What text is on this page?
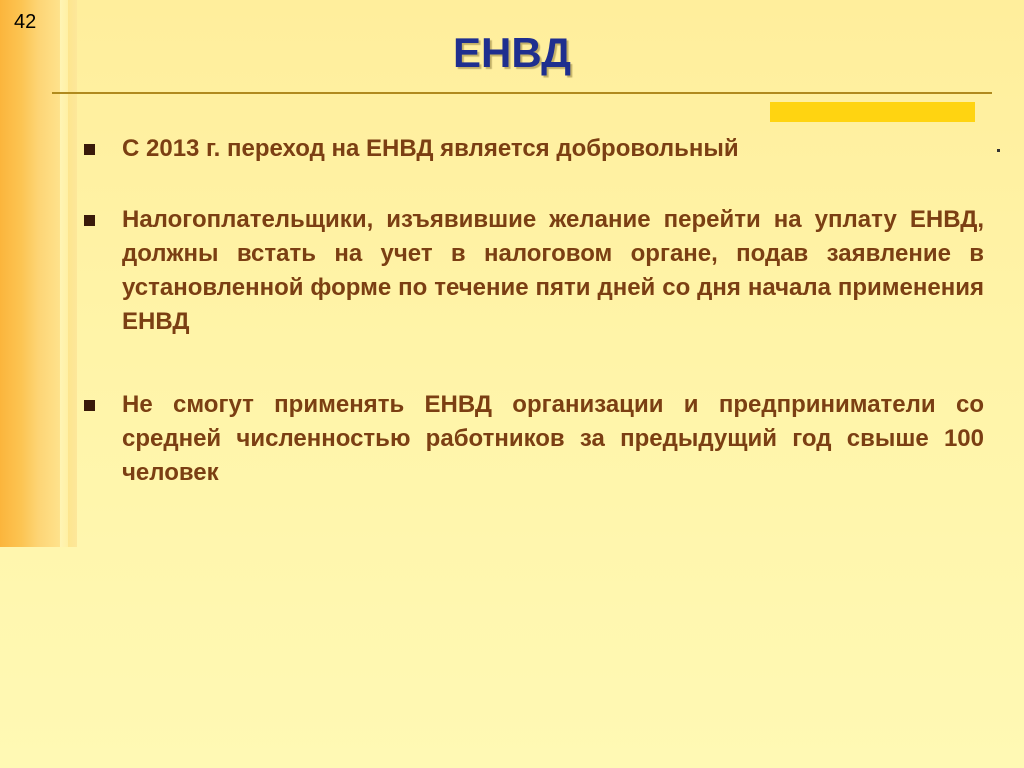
42
ЕНВД
С 2013 г. переход на ЕНВД является добровольный
Налогоплательщики, изъявившие желание перейти на уплату ЕНВД, должны встать на учет в налоговом органе, подав заявление в установленной форме по течение пяти дней со дня начала применения ЕНВД
Не смогут применять ЕНВД организации и предприниматели со средней численностью работников за предыдущий год свыше 100 человек
